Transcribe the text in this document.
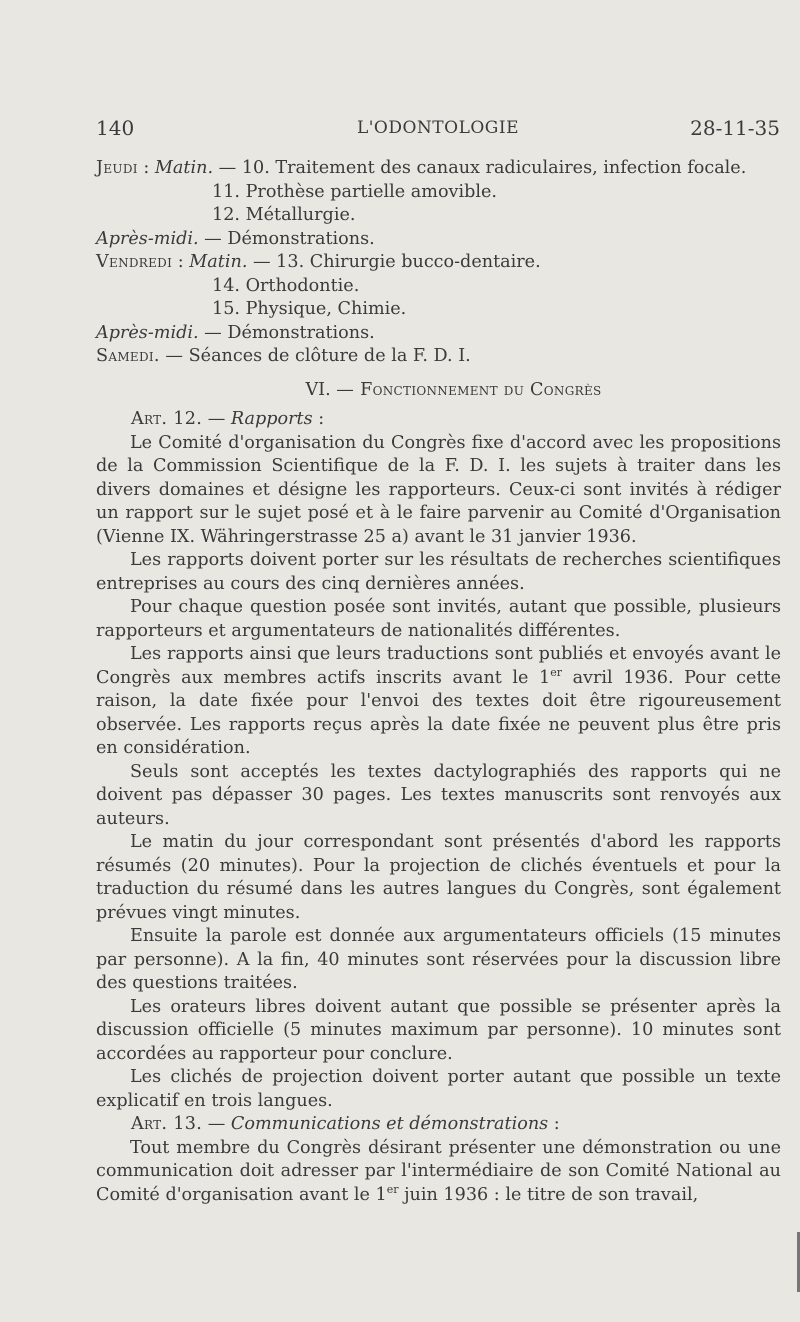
140	L'ODONTOLOGIE	28-11-35
Jeudi : Matin. — 10. Traitement des canaux radiculaires, infection focale.
11. Prothèse partielle amovible.
12. Métallurgie.
Après-midi. — Démonstrations.
Vendredi : Matin. — 13. Chirurgie bucco-dentaire.
14. Orthodontie.
15. Physique, Chimie.
Après-midi. — Démonstrations.
Samedi. — Séances de clôture de la F. D. I.
VI. — Fonctionnement du Congrès
Art. 12. — Rapports :

Le Comité d'organisation du Congrès fixe d'accord avec les propositions de la Commission Scientifique de la F. D. I. les sujets à traiter dans les divers domaines et désigne les rapporteurs. Ceux-ci sont invités à rédiger un rapport sur le sujet posé et à le faire parvenir au Comité d'Organisation (Vienne IX. Währingerstrasse 25 a) avant le 31 janvier 1936.

Les rapports doivent porter sur les résultats de recherches scientifiques entreprises au cours des cinq dernières années.

Pour chaque question posée sont invités, autant que possible, plusieurs rapporteurs et argumentateurs de nationalités différentes.

Les rapports ainsi que leurs traductions sont publiés et envoyés avant le Congrès aux membres actifs inscrits avant le 1er avril 1936. Pour cette raison, la date fixée pour l'envoi des textes doit être rigoureusement observée. Les rapports reçus après la date fixée ne peuvent plus être pris en considération.

Seuls sont acceptés les textes dactylographiés des rapports qui ne doivent pas dépasser 30 pages. Les textes manuscrits sont renvoyés aux auteurs.

Le matin du jour correspondant sont présentés d'abord les rapports résumés (20 minutes). Pour la projection de clichés éventuels et pour la traduction du résumé dans les autres langues du Congrès, sont également prévues vingt minutes.

Ensuite la parole est donnée aux argumentateurs officiels (15 minutes par personne). A la fin, 40 minutes sont réservées pour la discussion libre des questions traitées.

Les orateurs libres doivent autant que possible se présenter après la discussion officielle (5 minutes maximum par personne). 10 minutes sont accordées au rapporteur pour conclure.

Les clichés de projection doivent porter autant que possible un texte explicatif en trois langues.

Art. 13. — Communications et démonstrations :

Tout membre du Congrès désirant présenter une démonstration ou une communication doit adresser par l'intermédiaire de son Comité National au Comité d'organisation avant le 1er juin 1936 : le titre de son travail,
